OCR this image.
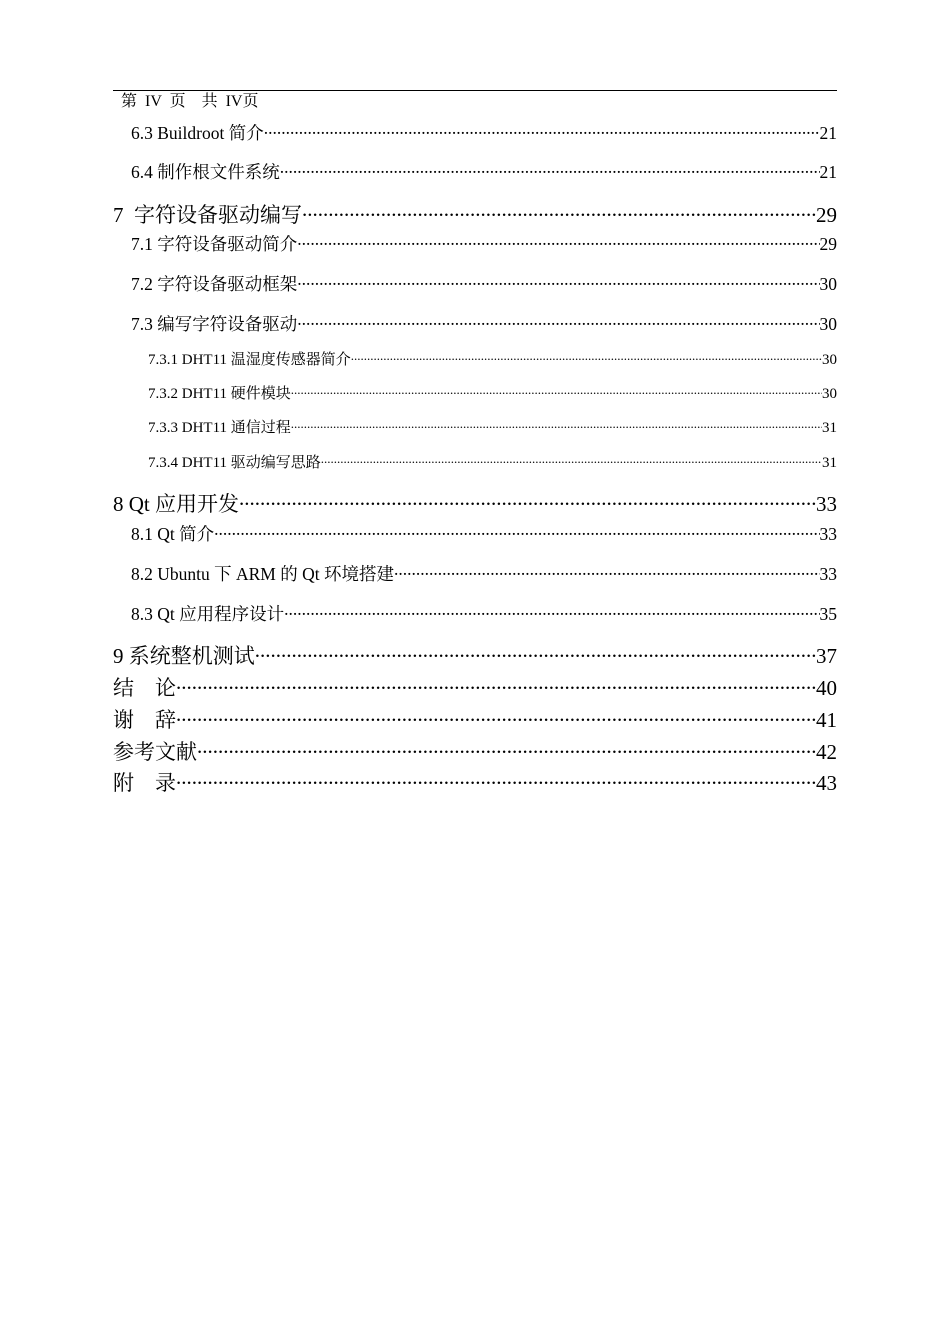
第  IV  页    共  IV页

6.3 Buildroot 简介 .....	21
6.4 制作根文件系统 .....	21
7  字符设备驱动编写 .....	29
7.1 字符设备驱动简介 .....	29
7.2 字符设备驱动框架 .....	30
7.3 编写字符设备驱动 .....	30
7.3.1 DHT11 温湿度传感器简介 .....	30
7.3.2 DHT11 硬件模块 .....	30
7.3.3 DHT11 通信过程 .....	31
7.3.4 DHT11 驱动编写思路 .....	31
8 Qt 应用开发 .....	33
8.1 Qt 简介 .....	33
8.2 Ubuntu 下 ARM 的 Qt 环境搭建 .....	33
8.3 Qt 应用程序设计 .....	35
9 系统整机测试 .....	37
结    论 .....	40
谢    辞 .....	41
参考文献 .....	42
附    录 .....	43
